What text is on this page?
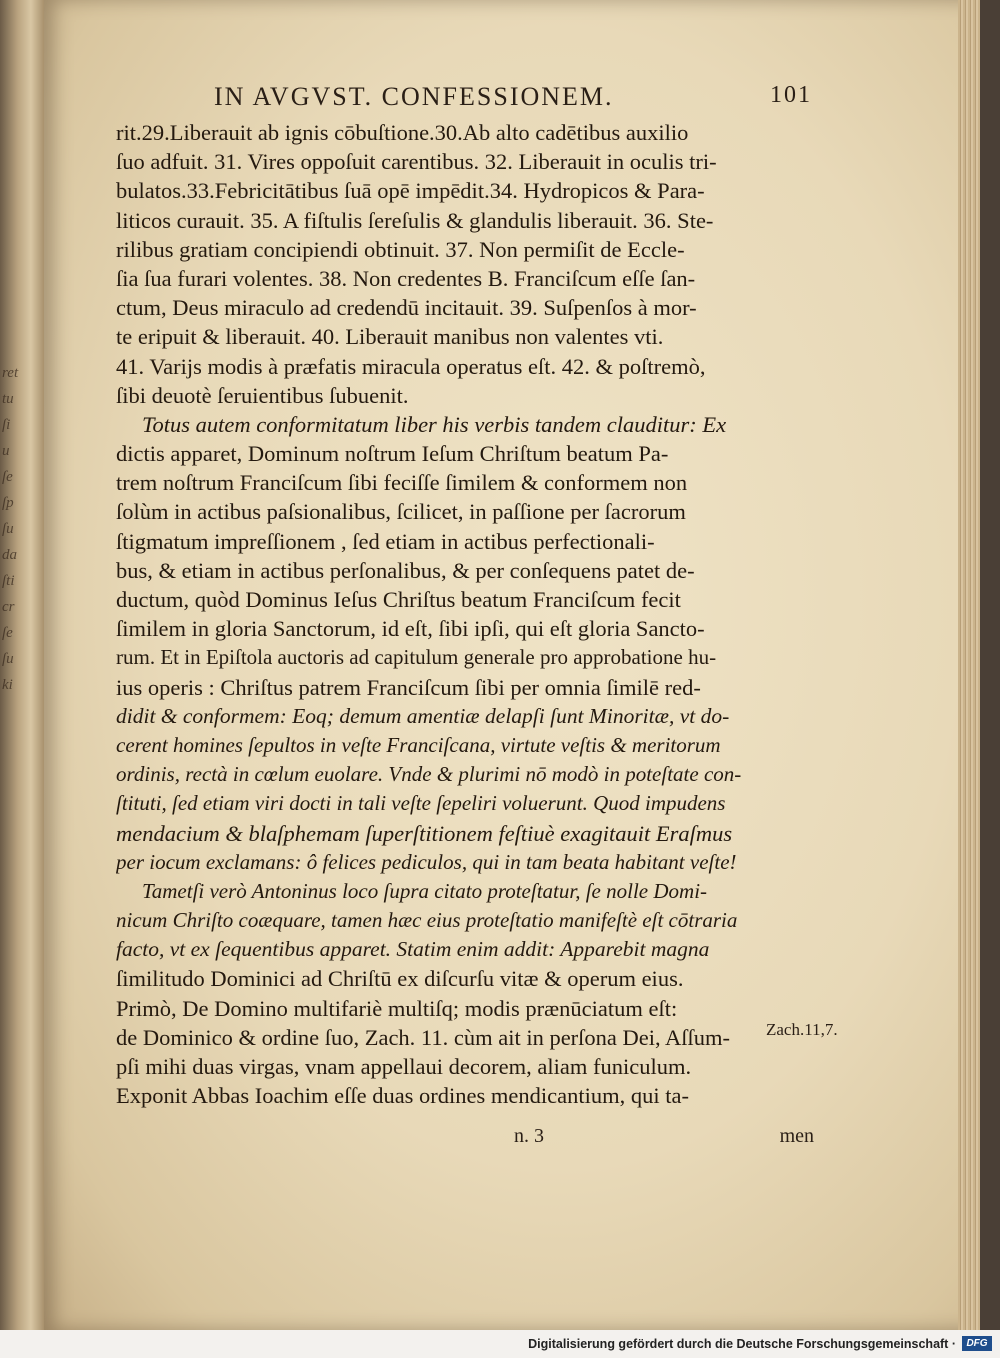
ret
tu
ſi
u
ſe
ſp
ſu
da
ſti
cr
ſe
ſu
ki
IN AVGVST. CONFESSIONEM.	101
rit.29.Liberauit ab ignis cōbuſtione.30.Ab alto cadētibus auxilio
ſuo adfuit. 31. Vires oppoſuit carentibus. 32. Liberauit in oculis tri-
bulatos.33.Febricitātibus ſuā opē impēdit.34. Hydropicos & Para-
liticos curauit. 35. A fiſtulis ſereſulis & glandulis liberauit. 36. Ste-
rilibus gratiam concipiendi obtinuit. 37. Non permiſit de Eccle-
ſia ſua furari volentes. 38. Non credentes B. Franciſcum eſſe ſan-
ctum, Deus miraculo ad credendū incitauit. 39. Suſpenſos à mor-
te eripuit & liberauit. 40. Liberauit manibus non valentes vti.
41. Varijs modis à præfatis miracula operatus eſt. 42. & poſtremò,
ſibi deuotè ſeruientibus ſubuenit.
Totus autem conformitatum liber his verbis tandem clauditur: Ex
dictis apparet, Dominum noſtrum Ieſum Chriſtum beatum Pa-
trem noſtrum Franciſcum ſibi feciſſe ſimilem & conformem non
ſolùm in actibus paſsionalibus, ſcilicet, in paſſione per ſacrorum
ſtigmatum impreſſionem , ſed etiam in actibus perfectionali-
bus, & etiam in actibus perſonalibus, & per conſequens patet de-
ductum, quòd Dominus Ieſus Chriſtus beatum Franciſcum fecit
ſimilem in gloria Sanctorum, id eſt, ſibi ipſi, qui eſt gloria Sancto-
rum. Et in Epiſtola auctoris ad capitulum generale pro approbatione hu-
ius operis : Chriſtus patrem Franciſcum ſibi per omnia ſimilē red-
didit & conformem: Eoq; demum amentiæ delapſi ſunt Minoritæ, vt do-
cerent homines ſepultos in veſte Franciſcana, virtute veſtis & meritorum
ordinis, rectà in cœlum euolare. Vnde & plurimi nō modò in poteſtate con-
ſtituti, ſed etiam viri docti in tali veſte ſepeliri voluerunt. Quod impudens
mendacium & blaſphemam ſuperſtitionem feſtiuè exagitauit Eraſmus
per iocum exclamans: ô felices pediculos, qui in tam beata habitant veſte!
Tametſi verò Antoninus loco ſupra citato proteſtatur, ſe nolle Domi-
nicum Chriſto coæquare, tamen hæc eius proteſtatio manifeſtè eſt cōtraria
facto, vt ex ſequentibus apparet. Statim enim addit: Apparebit magna
ſimilitudo Dominici ad Chriſtū ex diſcurſu vitæ & operum eius.
Primò, De Domino multifariè multiſq; modis prænūciatum eſt:
de Dominico & ordine ſuo, Zach. 11. cùm ait in perſona Dei, Aſſum-
pſi mihi duas virgas, vnam appellaui decorem, aliam funiculum.
Exponit Abbas Ioachim eſſe duas ordines mendicantium, qui ta-
Zach.11,7.
n. 3	men
Digitalisierung gefördert durch die Deutsche Forschungsgemeinschaft ·	DFG
